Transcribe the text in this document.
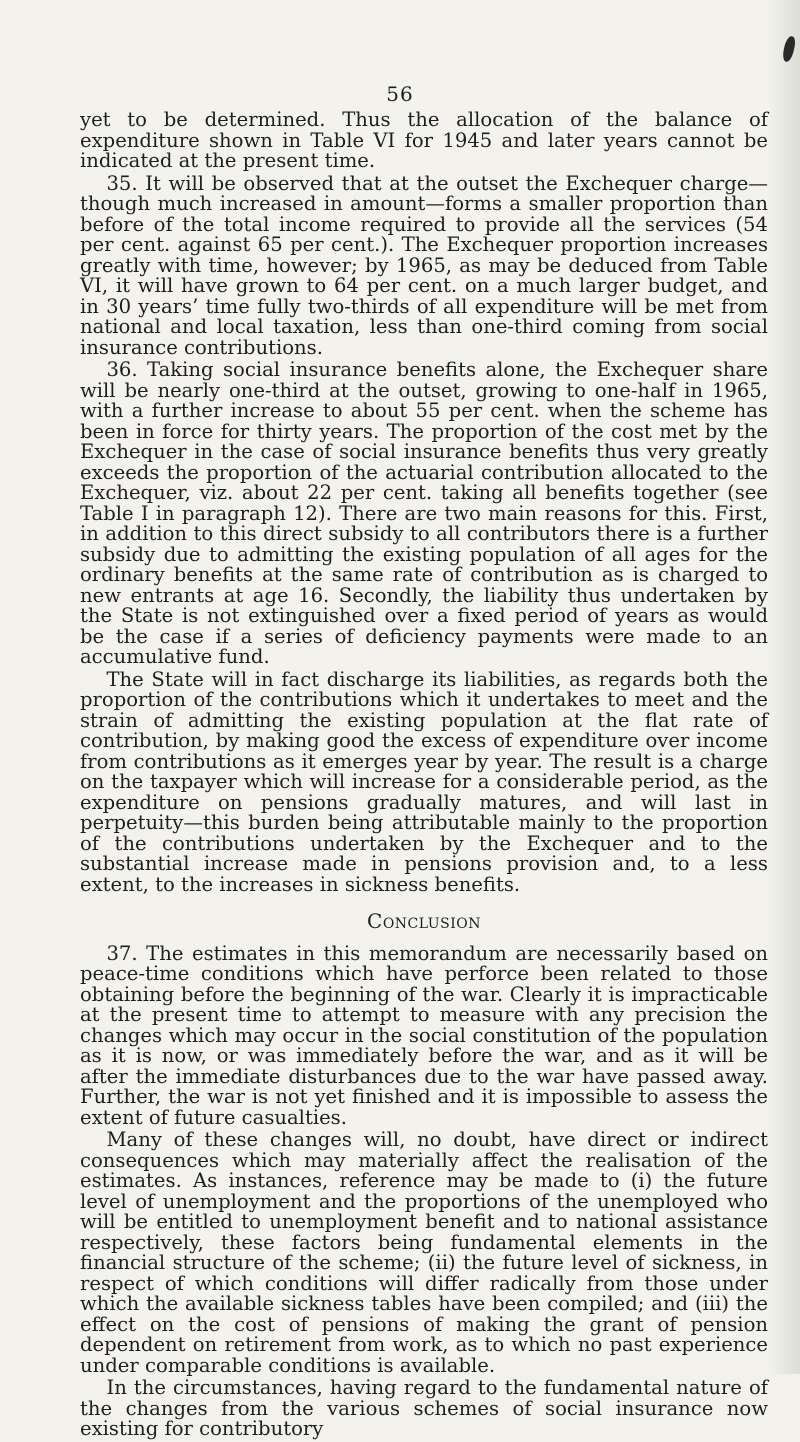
56

yet to be determined. Thus the allocation of the balance of expenditure shown in Table VI for 1945 and later years cannot be indicated at the present time.

35. It will be observed that at the outset the Exchequer charge—though much increased in amount—forms a smaller proportion than before of the total income required to provide all the services (54 per cent. against 65 per cent.). The Exchequer proportion increases greatly with time, however; by 1965, as may be deduced from Table VI, it will have grown to 64 per cent. on a much larger budget, and in 30 years’ time fully two-thirds of all expenditure will be met from national and local taxation, less than one-third coming from social insurance contributions.

36. Taking social insurance benefits alone, the Exchequer share will be nearly one-third at the outset, growing to one-half in 1965, with a further increase to about 55 per cent. when the scheme has been in force for thirty years. The proportion of the cost met by the Exchequer in the case of social insurance benefits thus very greatly exceeds the proportion of the actuarial contribution allocated to the Exchequer, viz. about 22 per cent. taking all benefits together (see Table I in paragraph 12). There are two main reasons for this. First, in addition to this direct subsidy to all contributors there is a further subsidy due to admitting the existing population of all ages for the ordinary benefits at the same rate of contribution as is charged to new entrants at age 16. Secondly, the liability thus undertaken by the State is not extinguished over a fixed period of years as would be the case if a series of deficiency payments were made to an accumulative fund.

The State will in fact discharge its liabilities, as regards both the proportion of the contributions which it undertakes to meet and the strain of admitting the existing population at the flat rate of contribution, by making good the excess of expenditure over income from contributions as it emerges year by year. The result is a charge on the taxpayer which will increase for a considerable period, as the expenditure on pensions gradually matures, and will last in perpetuity—this burden being attributable mainly to the proportion of the contributions undertaken by the Exchequer and to the substantial increase made in pensions provision and, to a less extent, to the increases in sickness benefits.

Conclusion

37. The estimates in this memorandum are necessarily based on peace-time conditions which have perforce been related to those obtaining before the beginning of the war. Clearly it is impracticable at the present time to attempt to measure with any precision the changes which may occur in the social constitution of the population as it is now, or was immediately before the war, and as it will be after the immediate disturbances due to the war have passed away. Further, the war is not yet finished and it is impossible to assess the extent of future casualties.

Many of these changes will, no doubt, have direct or indirect consequences which may materially affect the realisation of the estimates. As instances, reference may be made to (i) the future level of unemployment and the proportions of the unemployed who will be entitled to unemployment benefit and to national assistance respectively, these factors being fundamental elements in the financial structure of the scheme; (ii) the future level of sickness, in respect of which conditions will differ radically from those under which the available sickness tables have been compiled; and (iii) the effect on the cost of pensions of making the grant of pension dependent on retirement from work, as to which no past experience under comparable conditions is available.

In the circumstances, having regard to the fundamental nature of the changes from the various schemes of social insurance now existing for contributory
